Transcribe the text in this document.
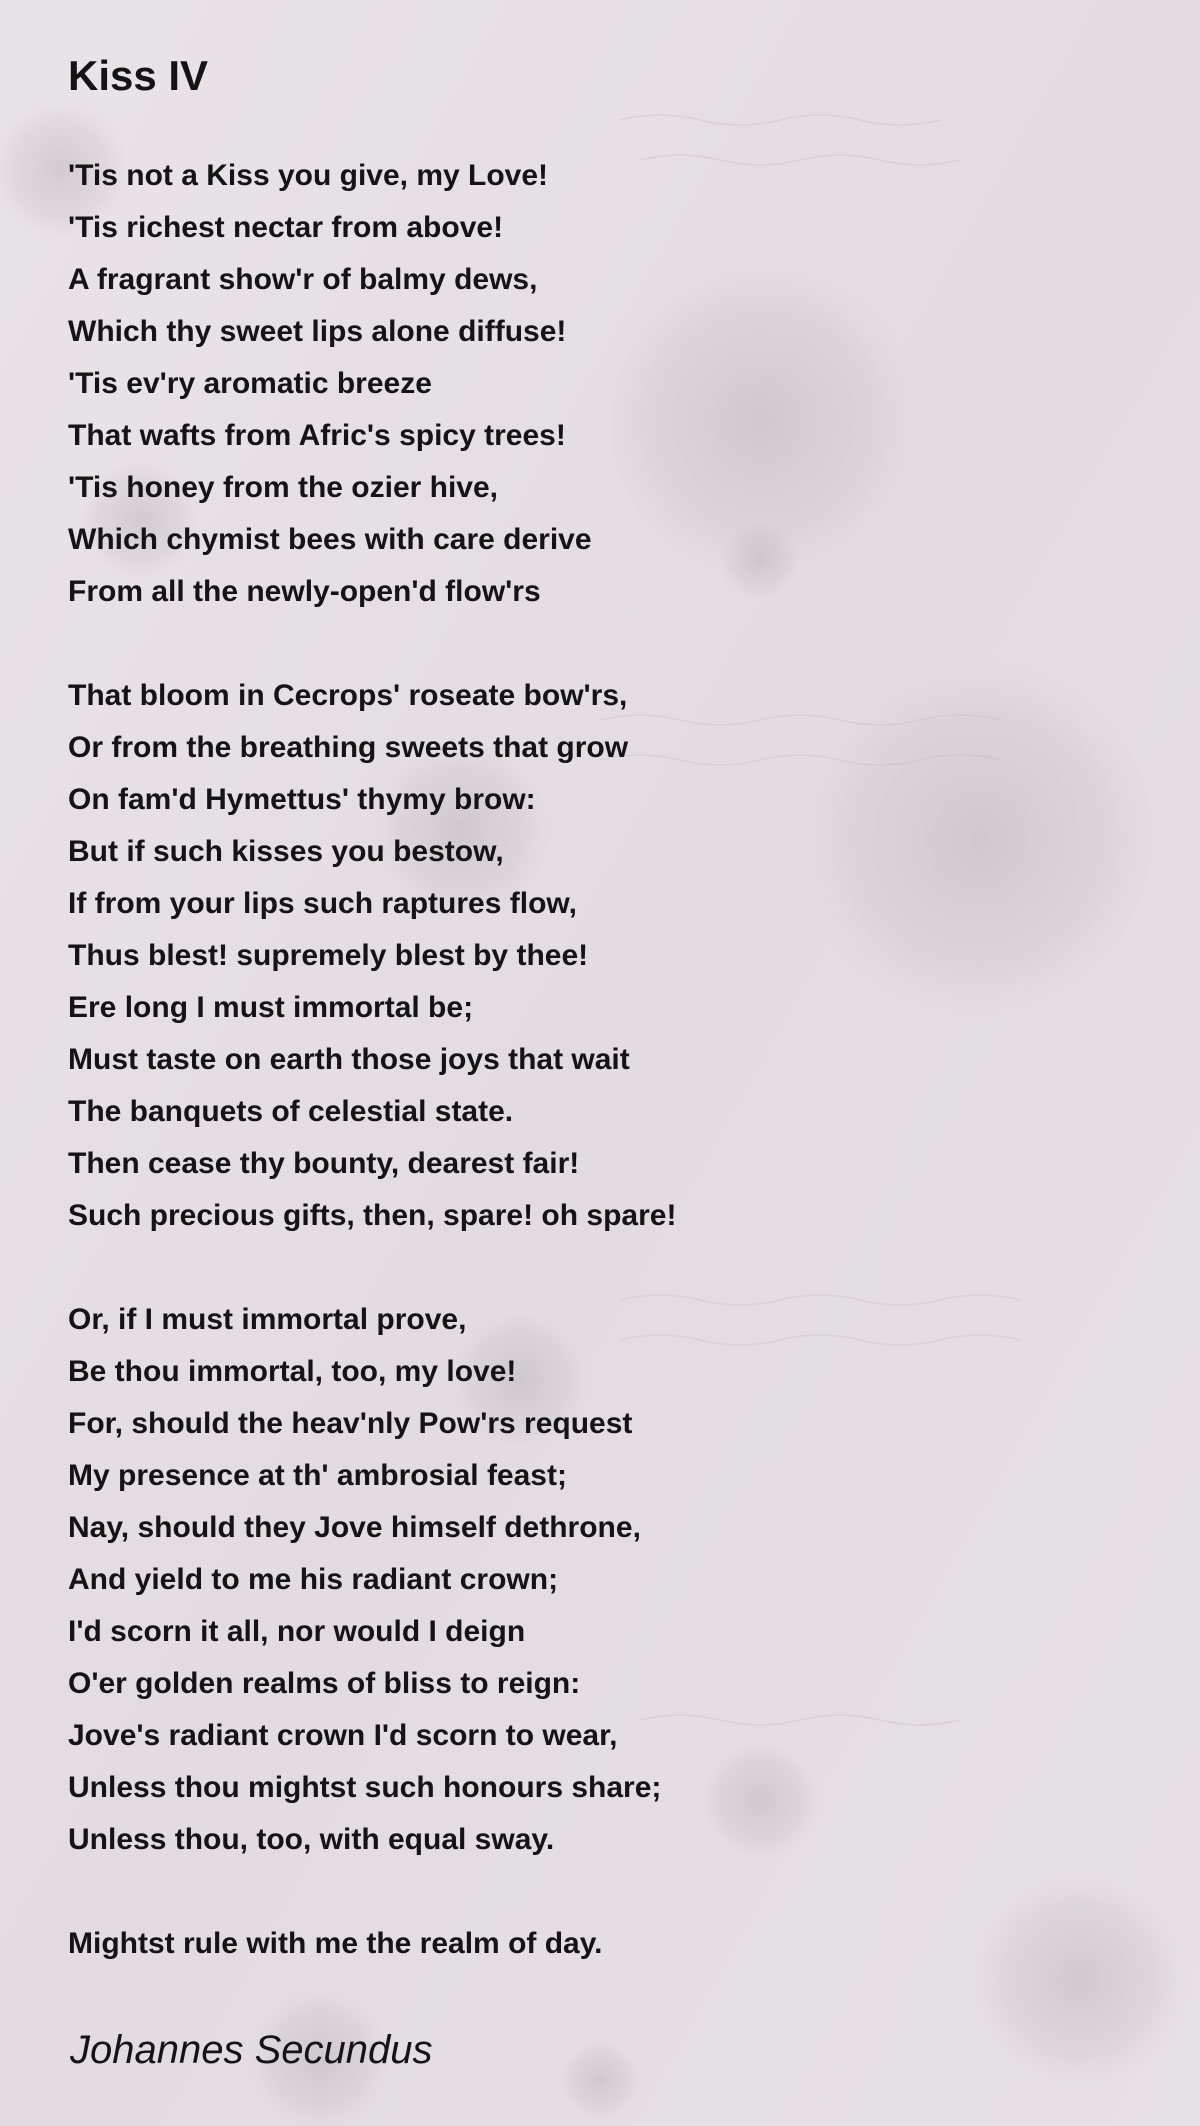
Kiss IV
'Tis not a Kiss you give, my Love!
'Tis richest nectar from above!
A fragrant show'r of balmy dews,
Which thy sweet lips alone diffuse!
'Tis ev'ry aromatic breeze
That wafts from Afric's spicy trees!
'Tis honey from the ozier hive,
Which chymist bees with care derive
From all the newly-open'd flow'rs
That bloom in Cecrops' roseate bow'rs,
Or from the breathing sweets that grow
On fam'd Hymettus' thymy brow:
But if such kisses you bestow,
If from your lips such raptures flow,
Thus blest! supremely blest by thee!
Ere long I must immortal be;
Must taste on earth those joys that wait
The banquets of celestial state.
Then cease thy bounty, dearest fair!
Such precious gifts, then, spare! oh spare!
Or, if I must immortal prove,
Be thou immortal, too, my love!
For, should the heav'nly Pow'rs request
My presence at th' ambrosial feast;
Nay, should they Jove himself dethrone,
And yield to me his radiant crown;
I'd scorn it all, nor would I deign
O'er golden realms of bliss to reign:
Jove's radiant crown I'd scorn to wear,
Unless thou mightst such honours share;
Unless thou, too, with equal sway.
Mightst rule with me the realm of day.
Johannes Secundus
